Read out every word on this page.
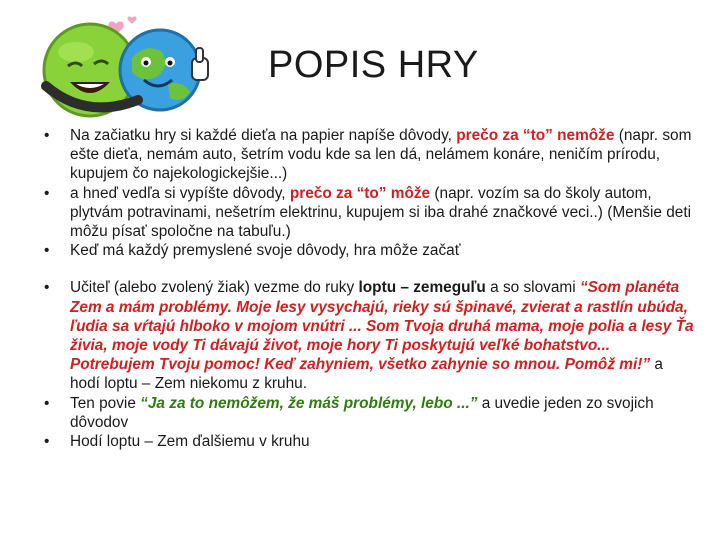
POPIS HRY
• Na začiatku hry si každé dieťa na papier napíše dôvody, prečo za “to” nemôže (napr. som ešte dieťa, nemám auto, šetrím vodu kde sa len dá, nelámem konáre, neničím prírodu, kupujem čo najekologickejšie...)
• a hneď vedľa si vypíšte dôvody, prečo za “to” môže (napr. vozím sa do školy autom, plytvám potravinami, nešetrím elektrinu, kupujem si iba drahé značkové veci..) (Menšie deti môžu písať spoločne na tabuľu.)
• Keď má každý premyslené svoje dôvody, hra môže začať
• Učiteľ (alebo zvolený žiak) vezme do ruky loptu – zemeguľu a so slovami “Som planéta Zem a mám problémy. Moje lesy vysychajú, rieky sú špinavé, zvierat a rastlín ubúda, ľudia sa vŕtajú hlboko v mojom vnútri ... Som Tvoja druhá mama, moje polia a lesy Ťa živia, moje vody Ti dávajú život, moje hory Ti poskytujú veľké bohatstvo... Potrebujem Tvoju pomoc! Keď zahyniem, všetko zahynie so mnou. Pomôž mi!” a hodí loptu – Zem niekomu z kruhu.
• Ten povie “Ja za to nemôžem, že máš problémy, lebo ...” a uvedie jeden zo svojich dôvodov
• Hodí loptu – Zem ďalšiemu v kruhu
